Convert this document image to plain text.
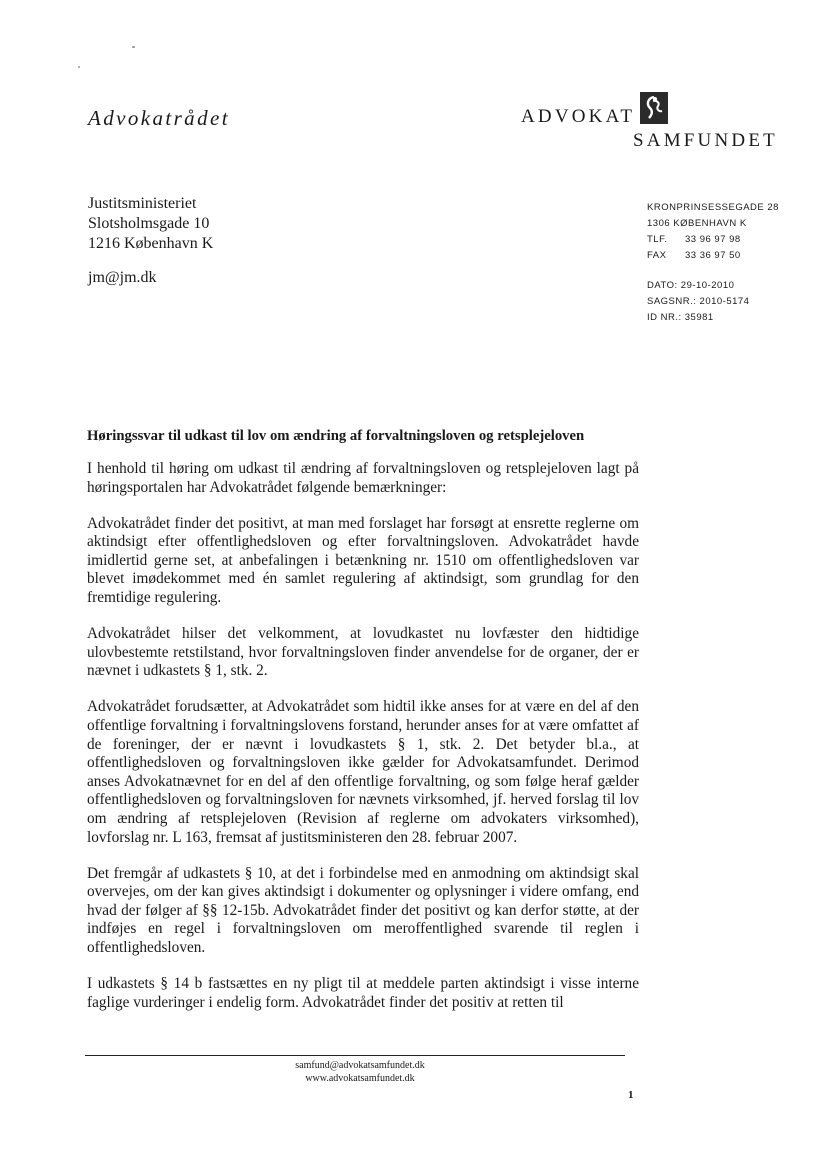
Advokatrådet	ADVOKAT
SAMFUNDET
Justitsministeriet
Slotsholmsgade 10
1216 København K
jm@jm.dk
KRONPRINSESSEGADE 28
1306 KØBENHAVN K
TLF. 33 96 97 98
FAX 33 36 97 50
DATO: 29-10-2010
SAGSNR.: 2010-5174
ID NR.: 35981
Høringssvar til udkast til lov om ændring af forvaltningsloven og retsplejeloven

I henhold til høring om udkast til ændring af forvaltningsloven og retsplejeloven lagt på høringsportalen har Advokatrådet følgende bemærkninger:

Advokatrådet finder det positivt, at man med forslaget har forsøgt at ensrette reglerne om aktindsigt efter offentlighedsloven og efter forvaltningsloven. Advokatrådet havde imidlertid gerne set, at anbefalingen i betænkning nr. 1510 om offentlighedsloven var blevet imødekommet med én samlet regulering af aktindsigt, som grundlag for den fremtidige regulering.

Advokatrådet hilser det velkomment, at lovudkastet nu lovfæster den hidtidige ulovbestemte retstilstand, hvor forvaltningsloven finder anvendelse for de organer, der er nævnet i udkastets § 1, stk. 2.

Advokatrådet forudsætter, at Advokatrådet som hidtil ikke anses for at være en del af den offentlige forvaltning i forvaltningslovens forstand, herunder anses for at være omfattet af de foreninger, der er nævnt i lovudkastets § 1, stk. 2. Det betyder bl.a., at offentlighedsloven og forvaltningsloven ikke gælder for Advokatsamfundet. Derimod anses Advokatnævnet for en del af den offentlige forvaltning, og som følge heraf gælder offentlighedsloven og forvaltningsloven for nævnets virksomhed, jf. herved forslag til lov om ændring af retsplejeloven (Revision af reglerne om advokaters virksomhed), lovforslag nr. L 163, fremsat af justitsministeren den 28. februar 2007.

Det fremgår af udkastets § 10, at det i forbindelse med en anmodning om aktindsigt skal overvejes, om der kan gives aktindsigt i dokumenter og oplysninger i videre omfang, end hvad der følger af §§ 12-15b. Advokatrådet finder det positivt og kan derfor støtte, at der indføjes en regel i forvaltningsloven om meroffentlighed svarende til reglen i offentlighedsloven.

I udkastets § 14 b fastsættes en ny pligt til at meddele parten aktindsigt i visse interne faglige vurderinger i endelig form. Advokatrådet finder det positiv at retten til

samfund@advokatsamfundet.dk
www.advokatsamfundet.dk
1
